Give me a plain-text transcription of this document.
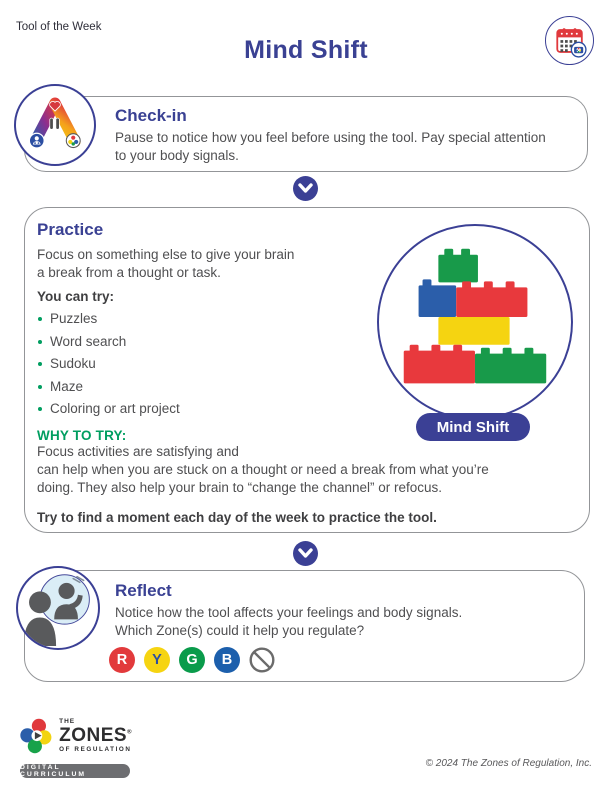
Tool of the Week
Mind Shift
Check-in
Pause to notice how you feel before using the tool. Pay special attention to your body signals.
Practice
Focus on something else to give your brain
a break from a thought or task.
You can try:
Puzzles
Word search
Sudoku
Maze
Coloring or art project
WHY TO TRY:
Focus activities are satisfying and
can help when you are stuck on a thought or need a break from what you’re doing. They also help your brain to “change the channel” or refocus.
Try to find a moment each day of the week to practice the tool.
Mind Shift
Reflect
Notice how the tool affects your feelings and body signals.
Which Zone(s) could it help you regulate?
R	Y	G	B
THE
ZONES®
OF REGULATION
DIGITAL CURRICULUM
© 2024 The Zones of Regulation, Inc.
